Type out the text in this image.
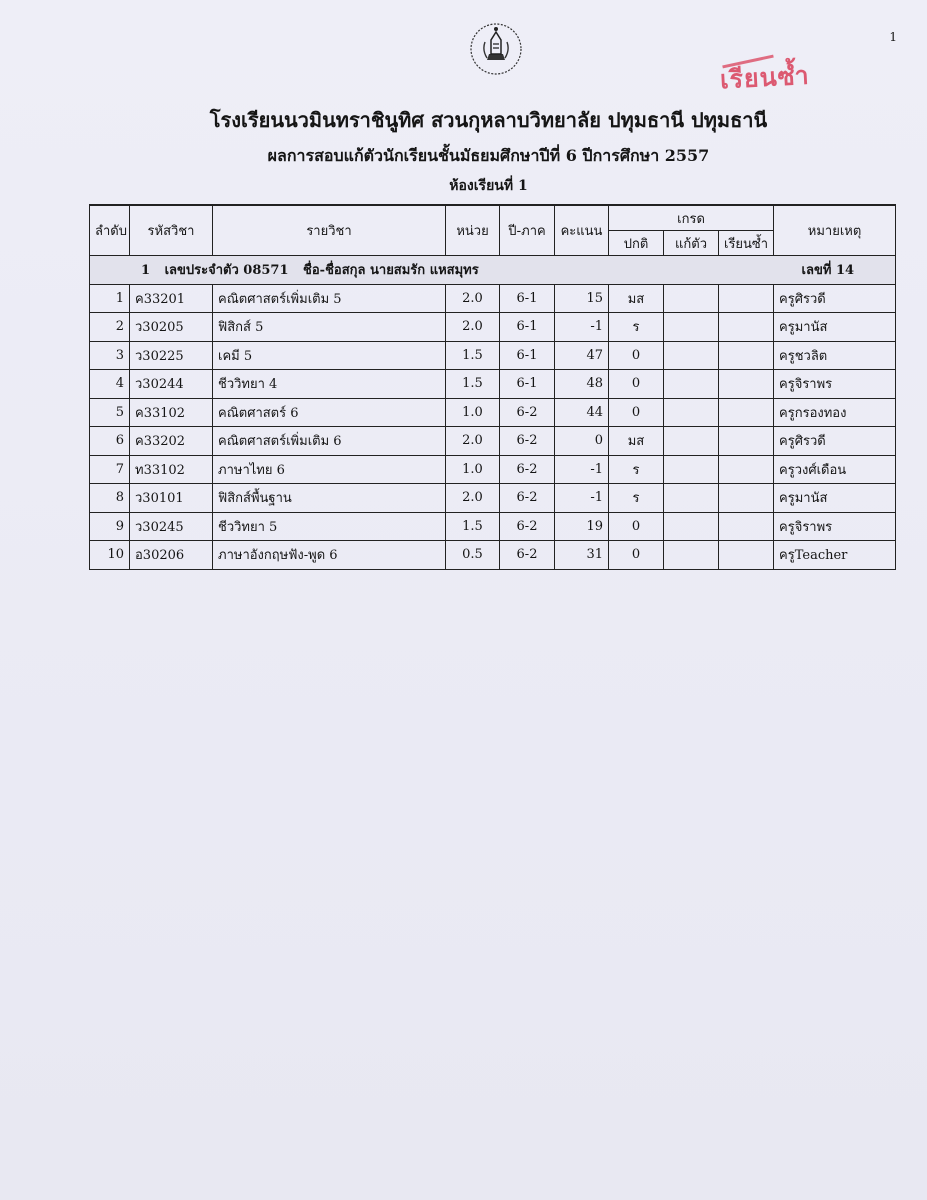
1
เรียนซ้ำ
โรงเรียนนวมินทราชินูทิศ สวนกุหลาบวิทยาลัย ปทุมธานี ปทุมธานี
ผลการสอบแก้ตัวนักเรียนชั้นมัธยมศึกษาปีที่ 6 ปีการศึกษา 2557
ห้องเรียนที่ 1
ลำดับ	รหัสวิชา	รายวิชา	หน่วย	ปี-ภาค	คะแนน	เกรด			หมายเหตุ
						ปกติ	แก้ตัว	เรียนซ้ำ	

1 เลขประจำตัว 08571 ชื่อ-ชื่อสกุล นายสมรัก แหสมุทร เลขที่ 14									

1	ค33201	คณิตศาสตร์เพิ่มเติม 5	2.0	6-1	15	มส			ครูศิรวดี
2	ว30205	ฟิสิกส์ 5	2.0	6-1	-1	ร			ครูมานัส
3	ว30225	เคมี 5	1.5	6-1	47	0			ครูชวลิต
4	ว30244	ชีววิทยา 4	1.5	6-1	48	0			ครูจิราพร
5	ค33102	คณิตศาสตร์ 6	1.0	6-2	44	0			ครูกรองทอง
6	ค33202	คณิตศาสตร์เพิ่มเติม 6	2.0	6-2	0	มส			ครูศิรวดี
7	ท33102	ภาษาไทย 6	1.0	6-2	-1	ร			ครูวงศ์เดือน
8	ว30101	ฟิสิกส์พื้นฐาน	2.0	6-2	-1	ร			ครูมานัส
9	ว30245	ชีววิทยา 5	1.5	6-2	19	0			ครูจิราพร
10	อ30206	ภาษาอังกฤษฟัง-พูด 6	0.5	6-2	31	0			ครูTeacher
